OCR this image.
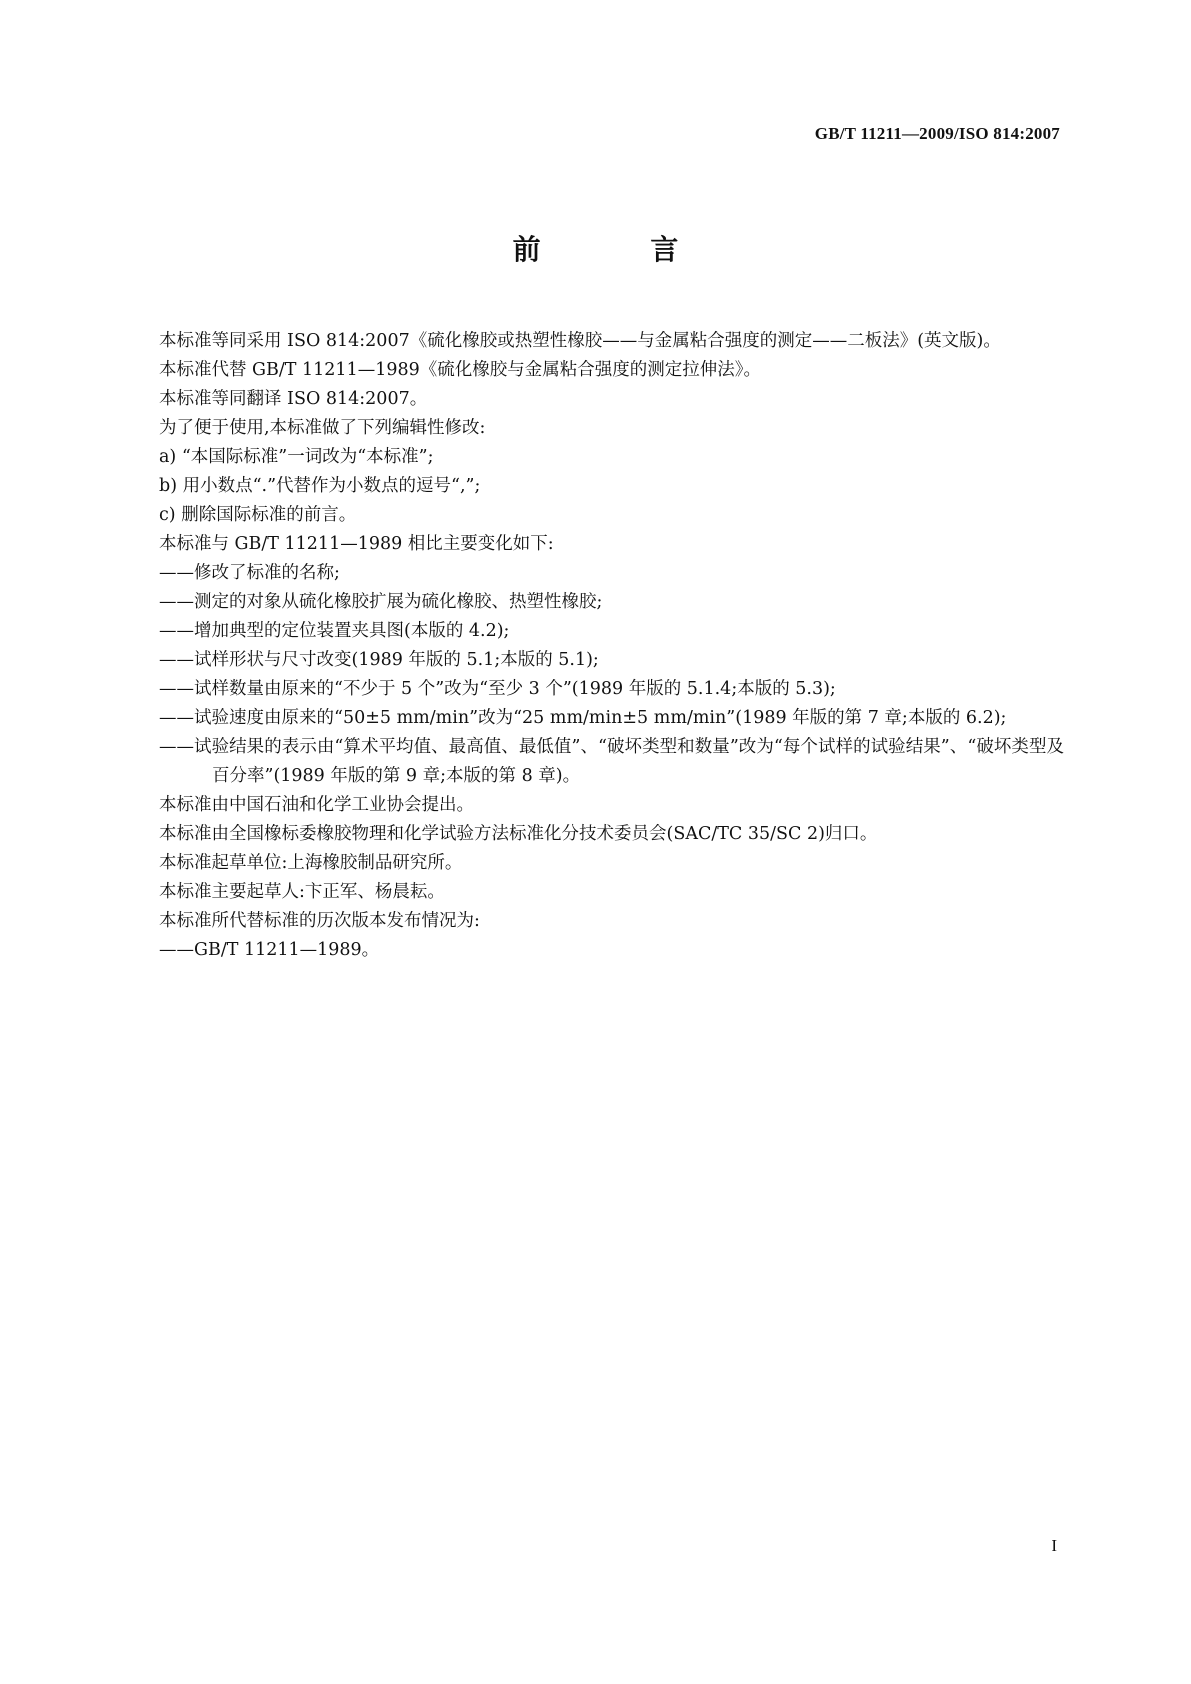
GB/T 11211—2009/ISO 814:2007
前 言

本标准等同采用 ISO 814:2007《硫化橡胶或热塑性橡胶——与金属粘合强度的测定——二板法》(英文版)。

本标准代替 GB/T 11211—1989《硫化橡胶与金属粘合强度的测定拉伸法》。

本标准等同翻译 ISO 814:2007。

为了便于使用,本标准做了下列编辑性修改:

a) “本国际标准”一词改为“本标准”;

b) 用小数点“.”代替作为小数点的逗号“,”;

c) 删除国际标准的前言。

本标准与 GB/T 11211—1989 相比主要变化如下:

——修改了标准的名称;

——测定的对象从硫化橡胶扩展为硫化橡胶、热塑性橡胶;

——增加典型的定位装置夹具图(本版的 4.2);

——试样形状与尺寸改变(1989 年版的 5.1;本版的 5.1);

——试样数量由原来的“不少于 5 个”改为“至少 3 个”(1989 年版的 5.1.4;本版的 5.3);

——试验速度由原来的“50±5 mm/min”改为“25 mm/min±5 mm/min”(1989 年版的第 7 章;本版的 6.2);

——试验结果的表示由“算术平均值、最高值、最低值”、“破坏类型和数量”改为“每个试样的试验结果”、“破坏类型及百分率”(1989 年版的第 9 章;本版的第 8 章)。

本标准由中国石油和化学工业协会提出。

本标准由全国橡标委橡胶物理和化学试验方法标准化分技术委员会(SAC/TC 35/SC 2)归口。

本标准起草单位:上海橡胶制品研究所。

本标准主要起草人:卞正军、杨晨耘。

本标准所代替标准的历次版本发布情况为:

——GB/T 11211—1989。

I
